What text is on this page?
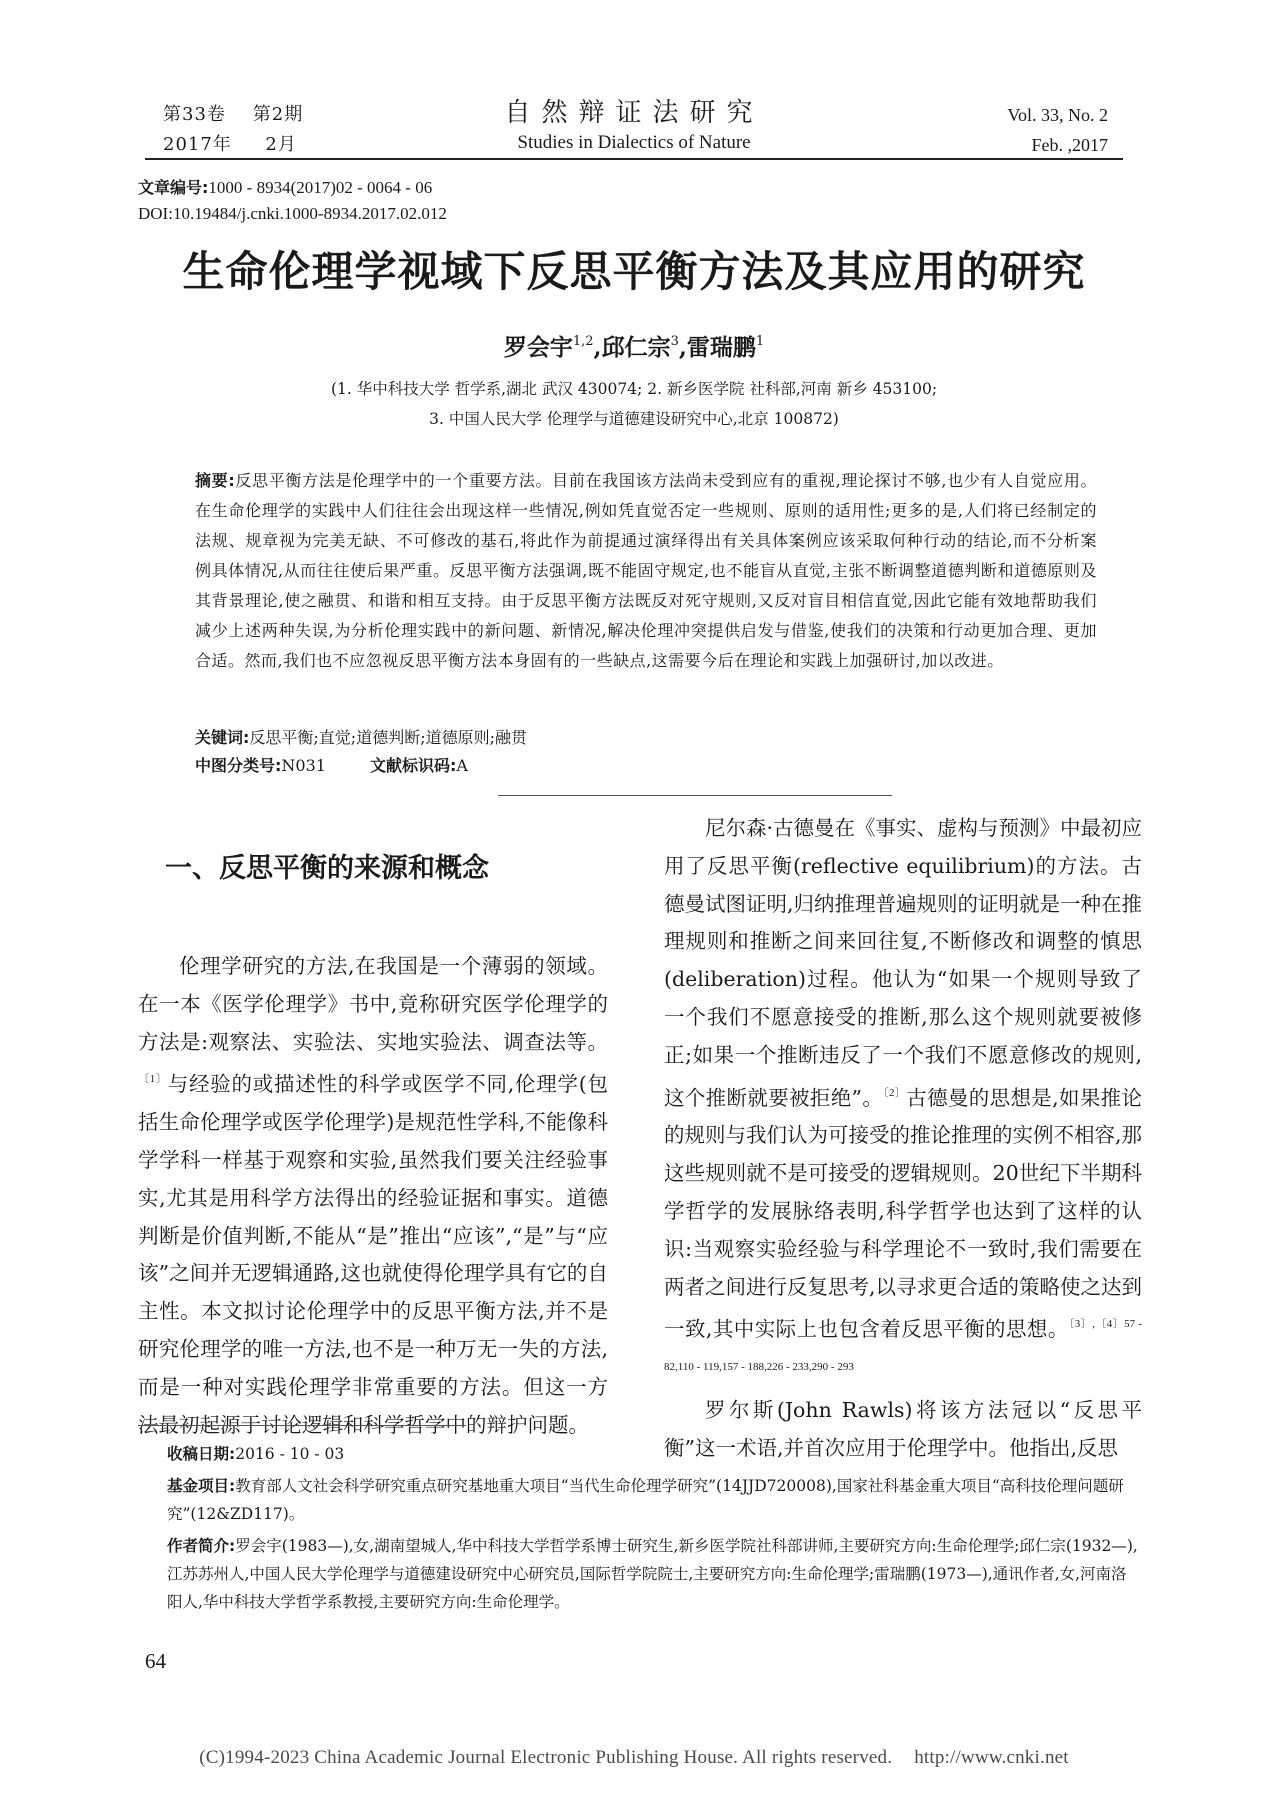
第33卷 第2期
2017年 2月
自然辩证法研究
Studies in Dialectics of Nature
Vol. 33, No. 2
Feb. ,2017
文章编号:1000 - 8934(2017)02 - 0064 - 06
DOI:10.19484/j.cnki.1000-8934.2017.02.012
生命伦理学视域下反思平衡方法及其应用的研究
罗会宇$^{1,2}$,邱仁宗$^3$,雷瑞鹏$^1$
(1. 华中科技大学 哲学系,湖北 武汉 430074; 2. 新乡医学院 社科部,河南 新乡 453100;
3. 中国人民大学 伦理学与道德建设研究中心,北京 100872)
摘要:反思平衡方法是伦理学中的一个重要方法。目前在我国该方法尚未受到应有的重视,理论探讨不够,也少有人自觉应用。在生命伦理学的实践中人们往往会出现这样一些情况,例如凭直觉否定一些规则、原则的适用性;更多的是,人们将已经制定的法规、规章视为完美无缺、不可修改的基石,将此作为前提通过演绎得出有关具体案例应该采取何种行动的结论,而不分析案例具体情况,从而往往使后果严重。反思平衡方法强调,既不能固守规定,也不能盲从直觉,主张不断调整道德判断和道德原则及其背景理论,使之融贯、和谐和相互支持。由于反思平衡方法既反对死守规则,又反对盲目相信直觉,因此它能有效地帮助我们减少上述两种失误,为分析伦理实践中的新问题、新情况,解决伦理冲突提供启发与借鉴,使我们的决策和行动更加合理、更加合适。然而,我们也不应忽视反思平衡方法本身固有的一些缺点,这需要今后在理论和实践上加强研讨,加以改进。
关键词:反思平衡;直觉;道德判断;道德原则;融贯
中图分类号:N031	文献标识码:A
一、反思平衡的来源和概念

伦理学研究的方法,在我国是一个薄弱的领域。在一本《医学伦理学》书中,竟称研究医学伦理学的方法是:观察法、实验法、实地实验法、调查法等。$^{〔1〕}$与经验的或描述性的科学或医学不同,伦理学(包括生命伦理学或医学伦理学)是规范性学科,不能像科学学科一样基于观察和实验,虽然我们要关注经验事实,尤其是用科学方法得出的经验证据和事实。道德判断是价值判断,不能从“是”推出“应该”,“是”与“应该”之间并无逻辑通路,这也就使得伦理学具有它的自主性。本文拟讨论伦理学中的反思平衡方法,并不是研究伦理学的唯一方法,也不是一种万无一失的方法,而是一种对实践伦理学非常重要的方法。但这一方法最初起源于讨论逻辑和科学哲学中的辩护问题。

尼尔森·古德曼在《事实、虚构与预测》中最初应用了反思平衡(reflective equilibrium)的方法。古德曼试图证明,归纳推理普遍规则的证明就是一种在推理规则和推断之间来回往复,不断修改和调整的慎思(deliberation)过程。他认为“如果一个规则导致了一个我们不愿意接受的推断,那么这个规则就要被修正;如果一个推断违反了一个我们不愿意修改的规则,这个推断就要被拒绝”。$^{〔2〕}$古德曼的思想是,如果推论的规则与我们认为可接受的推论推理的实例不相容,那这些规则就不是可接受的逻辑规则。20世纪下半期科学哲学的发展脉络表明,科学哲学也达到了这样的认识:当观察实验经验与科学理论不一致时,我们需要在两者之间进行反复思考,以寻求更合适的策略使之达到一致,其中实际上也包含着反思平衡的思想。$^{〔3〕,〔4〕57 - 82,110 - 119,157 - 188,226 - 233,290 - 293}$

罗尔斯(John Rawls)将该方法冠以“反思平衡”这一术语,并首次应用于伦理学中。他指出,反思

收稿日期:2016 - 10 - 03
基金项目:教育部人文社会科学研究重点研究基地重大项目“当代生命伦理学研究”(14JJD720008),国家社科基金重大项目“高科技伦理问题研究”(12&ZD117)。
作者简介:罗会宇(1983—),女,湖南望城人,华中科技大学哲学系博士研究生,新乡医学院社科部讲师,主要研究方向:生命伦理学;邱仁宗(1932—),江苏苏州人,中国人民大学伦理学与道德建设研究中心研究员,国际哲学院院士,主要研究方向:生命伦理学;雷瑞鹏(1973—),通讯作者,女,河南洛阳人,华中科技大学哲学系教授,主要研究方向:生命伦理学。
64
(C)1994-2023 China Academic Journal Electronic Publishing House. All rights reserved. http://www.cnki.net
